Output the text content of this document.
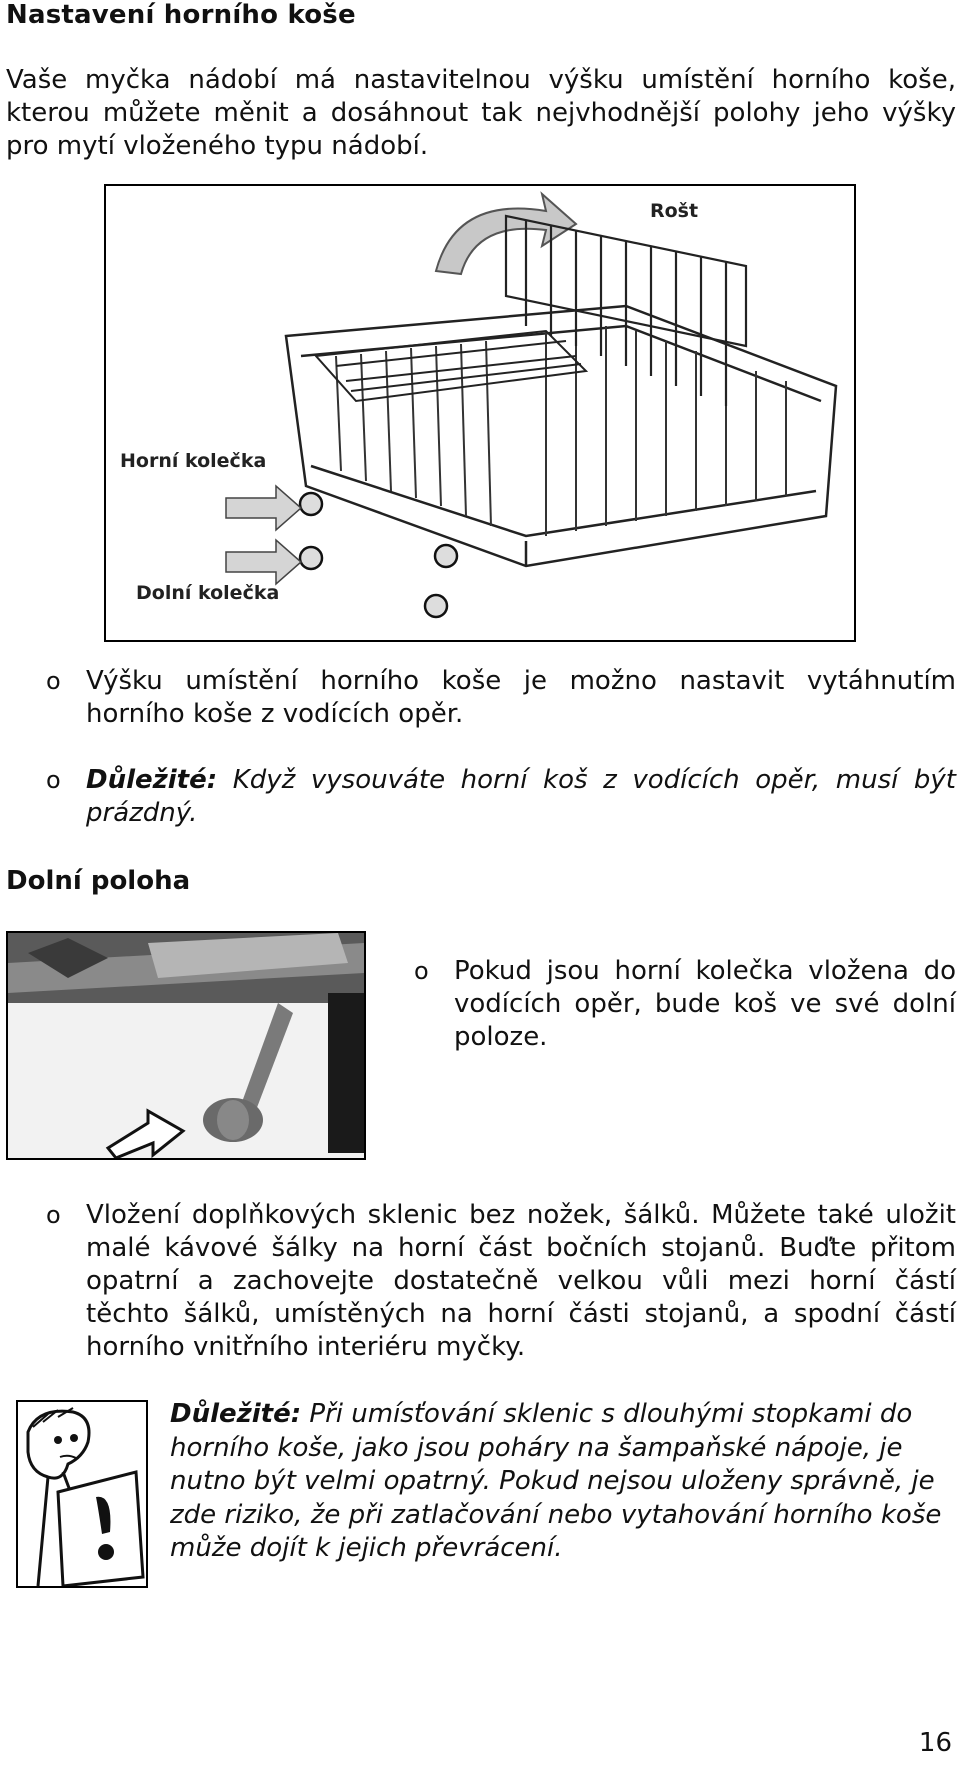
Nastavení horního koše

Vaše myčka nádobí má nastavitelnou výšku umístění horního koše, kterou můžete měnit a dosáhnout tak nejvhodnější polohy jeho výšky pro mytí vloženého typu nádobí.

Rošt
Horní kolečka
Dolní kolečka
o Výšku umístění horního koše je možno nastavit vytáhnutím horního koše z vodících opěr.
o Důležité: Když vysouváte horní koš z vodících opěr, musí být prázdný.
Dolní poloha
o Pokud jsou horní kolečka vložena do vodících opěr, bude koš ve své dolní poloze.
o Vložení doplňkových sklenic bez nožek, šálků. Můžete také uložit malé kávové šálky na horní část bočních stojanů. Buďte přitom opatrní a zachovejte dostatečně velkou vůli mezi horní částí těchto šálků, umístěných na horní části stojanů, a spodní částí horního vnitřního interiéru myčky.

Důležité: Při umísťování sklenic s dlouhými stopkami do horního koše, jako jsou poháry na šampaňské nápoje, je nutno být velmi opatrný. Pokud nejsou uloženy správně, je zde riziko, že při zatlačování nebo vytahování horního koše může dojít k jejich převrácení.

16
